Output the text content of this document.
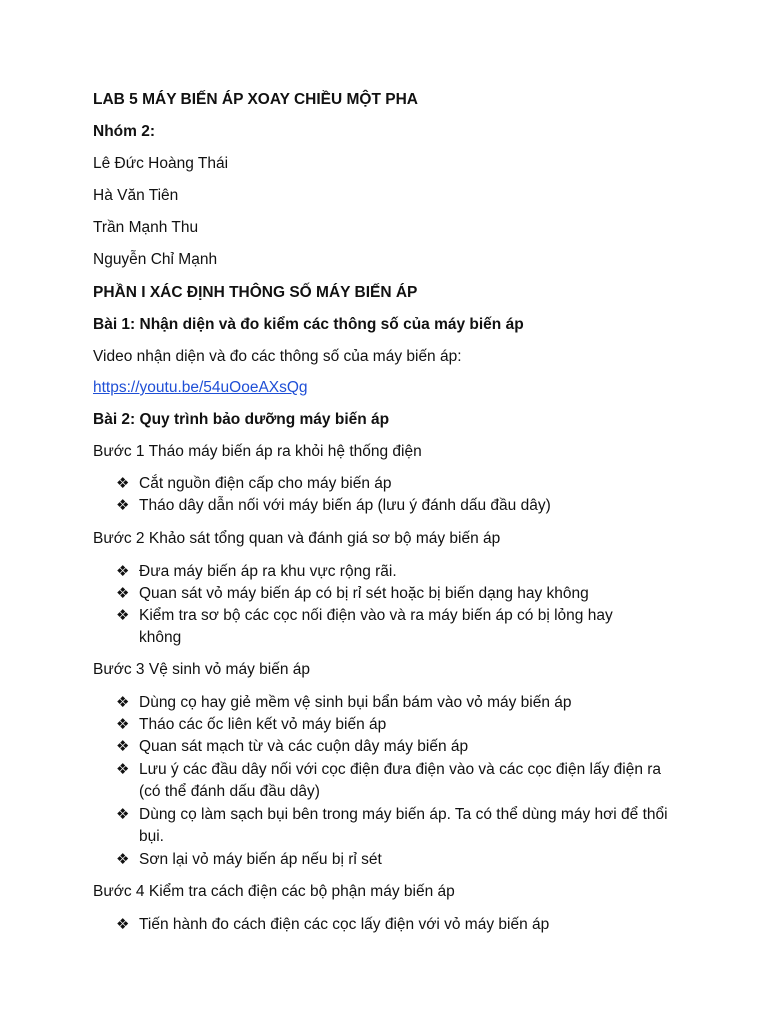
LAB 5 MÁY BIẾN ÁP XOAY CHIỀU MỘT PHA
Nhóm 2:
Lê Đức Hoàng Thái
Hà Văn Tiên
Trần Mạnh Thu
Nguyễn Chỉ Mạnh
PHẦN I XÁC ĐỊNH THÔNG SỐ MÁY BIẾN ÁP
Bài 1: Nhận diện và đo kiểm các thông số của máy biến áp
Video nhận diện và đo các thông số của máy biến áp:
https://youtu.be/54uOoeAXsQg
Bài 2: Quy trình bảo dưỡng máy biến áp
Bước 1 Tháo máy biến áp ra khỏi hệ thống điện
❖ Cắt nguồn điện cấp cho máy biến áp
❖ Tháo dây dẫn nối với máy biến áp (lưu ý đánh dấu đầu dây)
Bước 2 Khảo sát tổng quan và đánh giá sơ bộ máy biến áp
❖ Đưa máy biến áp ra khu vực rộng rãi.
❖ Quan sát vỏ máy biến áp có bị rỉ sét hoặc bị biến dạng hay không
❖ Kiểm tra sơ bộ các cọc nối điện vào và ra máy biến áp có bị lỏng hay không
Bước 3 Vệ sinh vỏ máy biến áp
❖ Dùng cọ hay giẻ mềm vệ sinh bụi bẩn bám vào vỏ máy biến áp
❖ Tháo các ốc liên kết vỏ máy biến áp
❖ Quan sát mạch từ và các cuộn dây máy biến áp
❖ Lưu ý các đầu dây nối với cọc điện đưa điện vào và các cọc điện lấy điện ra (có thể đánh dấu đầu dây)
❖ Dùng cọ làm sạch bụi bên trong máy biến áp. Ta có thể dùng máy hơi để thổi bụi.
❖ Sơn lại vỏ máy biến áp nếu bị rỉ sét
Bước 4 Kiểm tra cách điện các bộ phận máy biến áp
❖ Tiến hành đo cách điện các cọc lấy điện với vỏ máy biến áp
